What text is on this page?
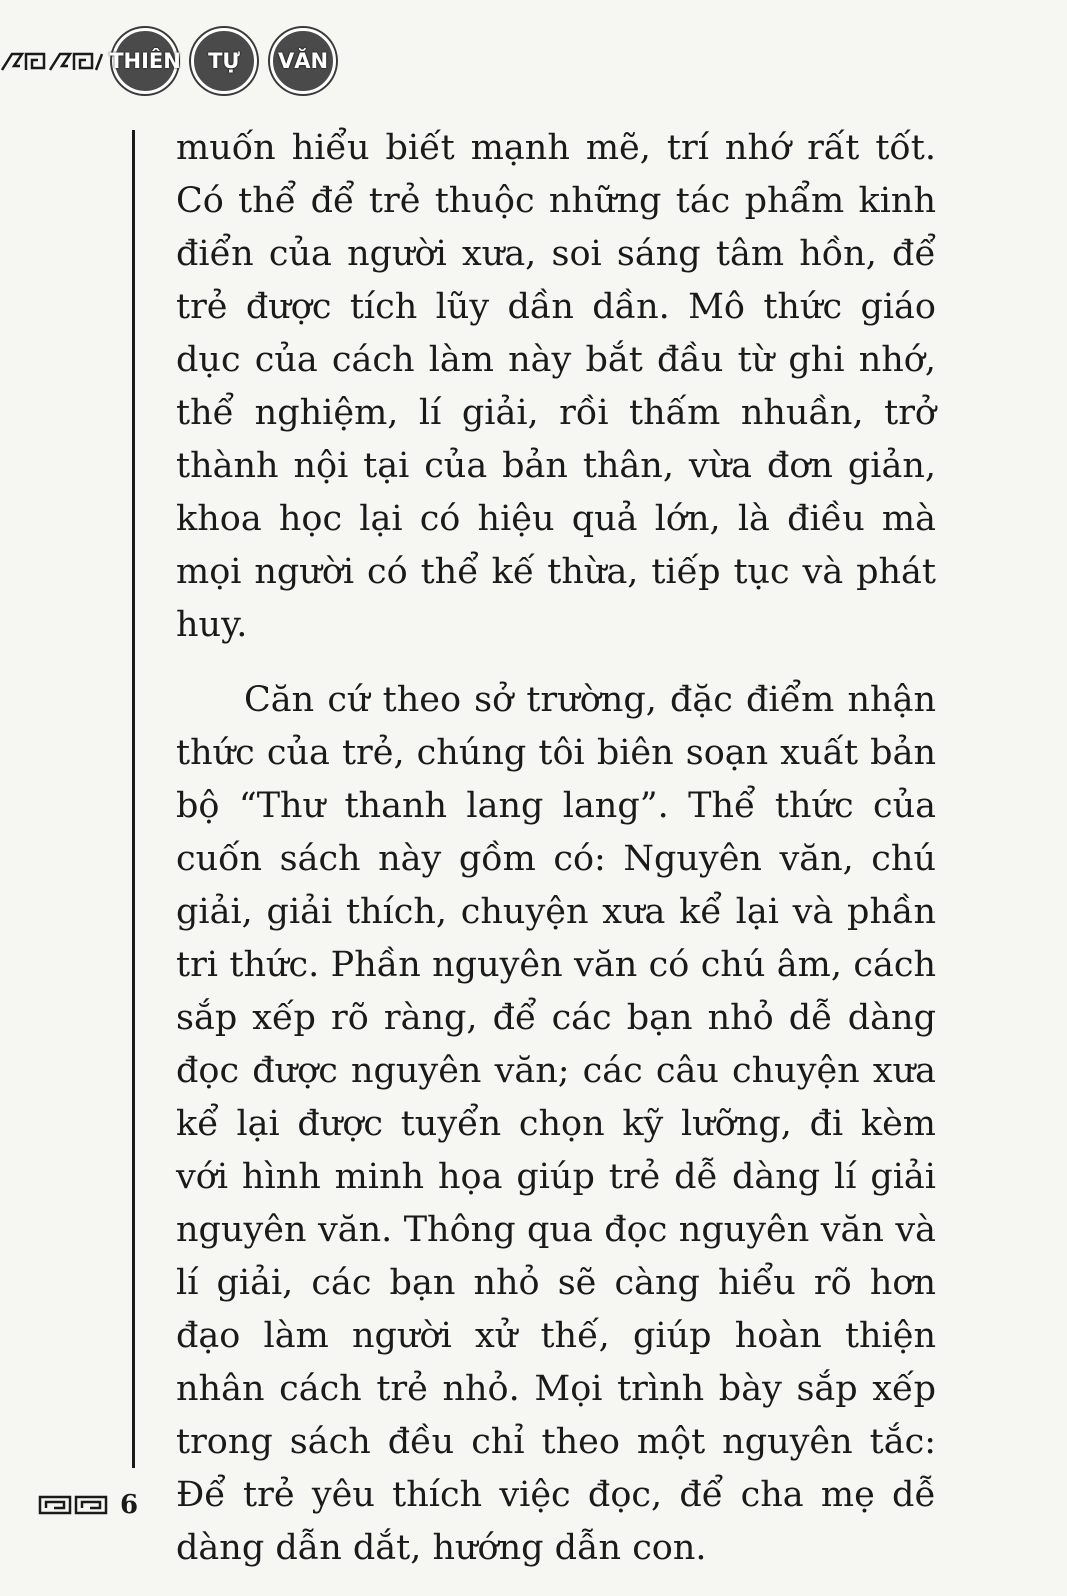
THIÊN TỰ VĂN

muốn hiểu biết mạnh mẽ, trí nhớ rất tốt. Có thể để trẻ thuộc những tác phẩm kinh điển của người xưa, soi sáng tâm hồn, để trẻ được tích lũy dần dần. Mô thức giáo dục của cách làm này bắt đầu từ ghi nhớ, thể nghiệm, lí giải, rồi thấm nhuần, trở thành nội tại của bản thân, vừa đơn giản, khoa học lại có hiệu quả lớn, là điều mà mọi người có thể kế thừa, tiếp tục và phát huy.

Căn cứ theo sở trường, đặc điểm nhận thức của trẻ, chúng tôi biên soạn xuất bản bộ “Thư thanh lang lang”. Thể thức của cuốn sách này gồm có: Nguyên văn, chú giải, giải thích, chuyện xưa kể lại và phần tri thức. Phần nguyên văn có chú âm, cách sắp xếp rõ ràng, để các bạn nhỏ dễ dàng đọc được nguyên văn; các câu chuyện xưa kể lại được tuyển chọn kỹ lưỡng, đi kèm với hình minh họa giúp trẻ dễ dàng lí giải nguyên văn. Thông qua đọc nguyên văn và lí giải, các bạn nhỏ sẽ càng hiểu rõ hơn đạo làm người xử thế, giúp hoàn thiện nhân cách trẻ nhỏ. Mọi trình bày sắp xếp trong sách đều chỉ theo một nguyên tắc: Để trẻ yêu thích việc đọc, để cha mẹ dễ dàng dẫn dắt, hướng dẫn con.

6
